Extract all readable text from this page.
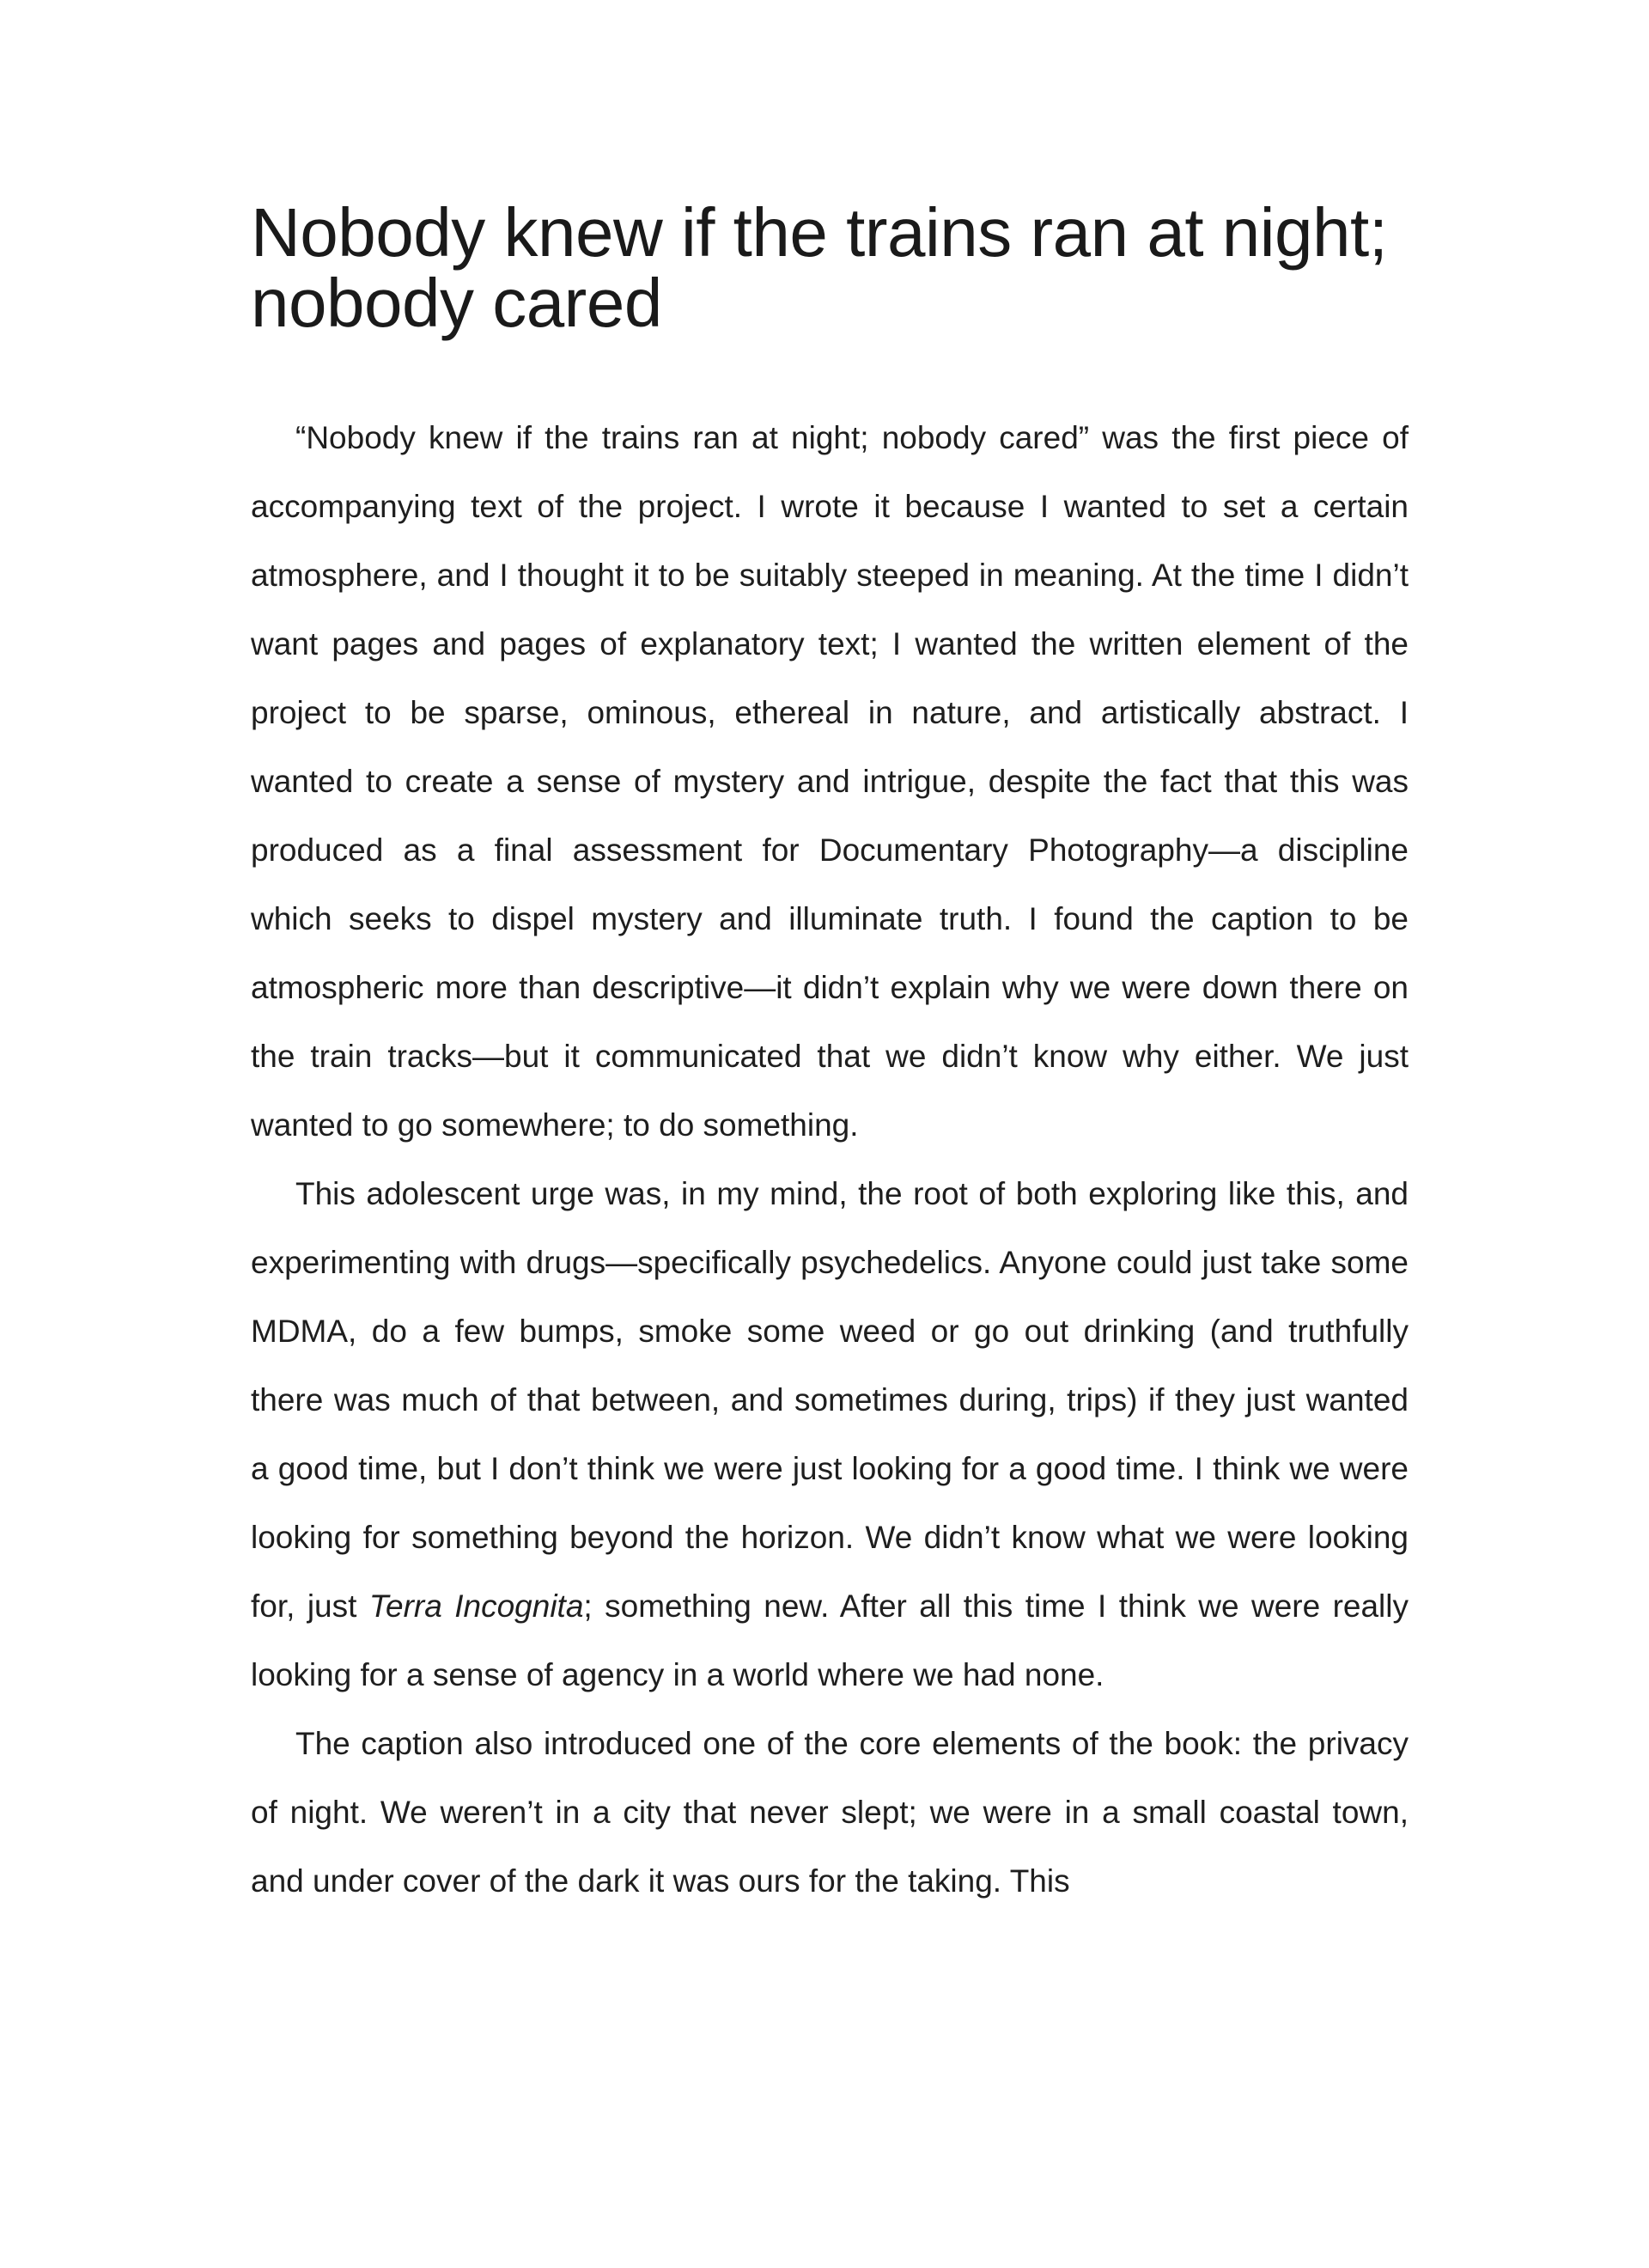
Nobody knew if the trains ran at night;
nobody cared

“Nobody knew if the trains ran at night; nobody cared” was the first piece of accompanying text of the project. I wrote it because I wanted to set a certain atmosphere, and I thought it to be suitably steeped in meaning. At the time I didn’t want pages and pages of explanatory text; I wanted the written element of the project to be sparse, ominous, ethereal in nature, and artistically abstract. I wanted to create a sense of mystery and intrigue, despite the fact that this was produced as a final assessment for Documentary Photography—a discipline which seeks to dispel mystery and illuminate truth. I found the caption to be atmospheric more than descriptive—it didn’t explain why we were down there on the train tracks—but it communicated that we didn’t know why either. We just wanted to go somewhere; to do something.

This adolescent urge was, in my mind, the root of both exploring like this, and experimenting with drugs—specifically psychedelics. Anyone could just take some MDMA, do a few bumps, smoke some weed or go out drinking (and truthfully there was much of that between, and sometimes during, trips) if they just wanted a good time, but I don’t think we were just looking for a good time. I think we were looking for something beyond the horizon. We didn’t know what we were looking for, just Terra Incognita; something new. After all this time I think we were really looking for a sense of agency in a world where we had none.

The caption also introduced one of the core elements of the book: the privacy of night. We weren’t in a city that never slept; we were in a small coastal town, and under cover of the dark it was ours for the taking. This
